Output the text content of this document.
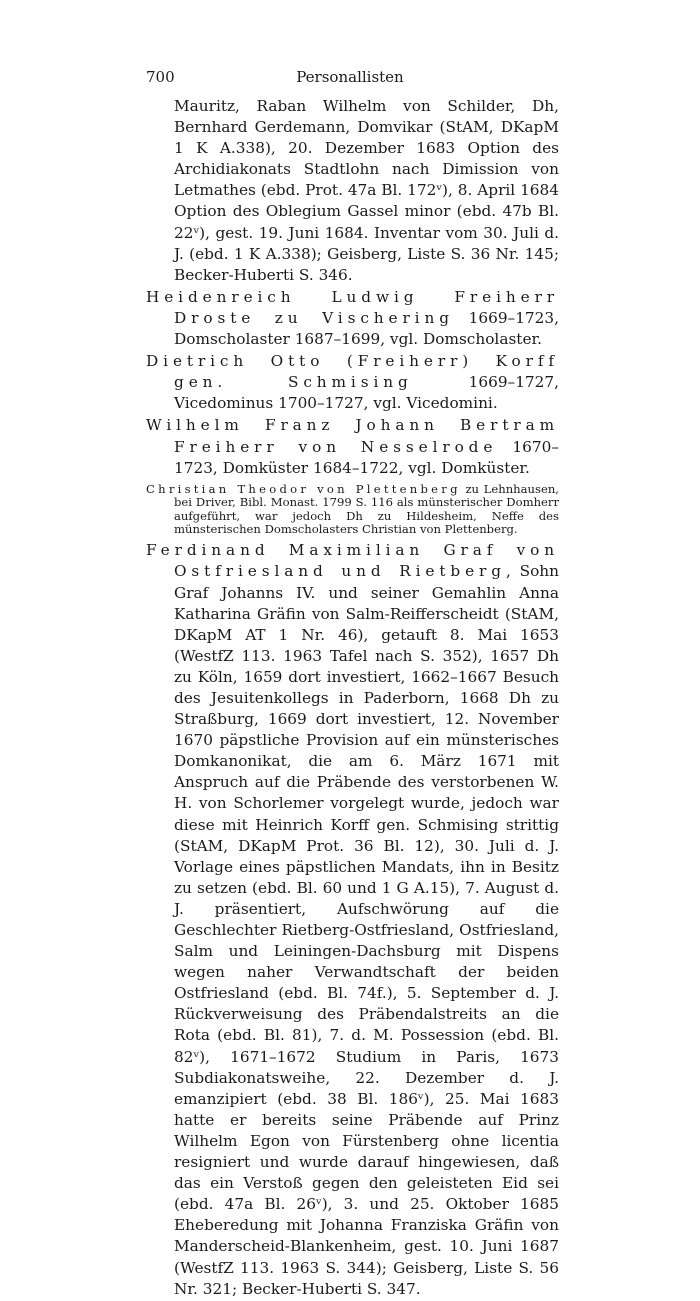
700	Personallisten

Mauritz, Raban Wilhelm von Schilder, Dh, Bernhard Gerdemann, Domvikar (StAM, DKapM 1 K A.338), 20. Dezember 1683 Option des Archidiakonats Stadtlohn nach Dimission von Letmathes (ebd. Prot. 47a Bl. 172ᵛ), 8. April 1684 Option des Oblegium Gassel minor (ebd. 47b Bl. 22ᵛ), gest. 19. Juni 1684. Inventar vom 30. Juli d. J. (ebd. 1 K A.338); Geisberg, Liste S. 36 Nr. 145; Becker-Huberti S. 346.

Heidenreich Ludwig Freiherr Droste zu Vischering 1669–1723, Domscholaster 1687–1699, vgl. Domscholaster.

Dietrich Otto (Freiherr) Korff gen. Schmising	1669–1727, Vicedominus 1700–1727, vgl. Vicedomini.

Wilhelm Franz Johann Bertram Freiherr von Nesselrode 1670–1723, Domküster 1684–1722, vgl. Domküster.

Christian Theodor von Plettenberg zu Lehnhausen, bei Driver, Bibl. Monast. 1799 S. 116 als münsterischer Domherr aufgeführt, war jedoch Dh zu Hildesheim, Neffe des münsterischen Domscholasters Christian von Plettenberg.

Ferdinand Maximilian Graf von Ostfriesland und Rietberg, Sohn Graf Johanns IV. und seiner Gemahlin Anna Katharina Gräfin von Salm-Reifferscheidt (StAM, DKapM AT 1 Nr. 46), getauft 8. Mai 1653 (WestfZ 113. 1963 Tafel nach S. 352), 1657 Dh zu Köln, 1659 dort investiert, 1662–1667 Besuch des Jesuitenkollegs in Paderborn, 1668 Dh zu Straßburg, 1669 dort investiert, 12. November 1670 päpstliche Provision auf ein münsterisches Domkanonikat, die am 6. März 1671 mit Anspruch auf die Präbende des verstorbenen W. H. von Schorlemer vorgelegt wurde, jedoch war diese mit Heinrich Korff gen. Schmising strittig (StAM, DKapM Prot. 36 Bl. 12), 30. Juli d. J. Vorlage eines päpstlichen Mandats, ihn in Besitz zu setzen (ebd. Bl. 60 und 1 G A.15), 7. August d. J. präsentiert, Aufschwörung auf die Geschlechter Rietberg-Ostfriesland, Ostfriesland, Salm und Leiningen-Dachsburg mit Dispens wegen naher Verwandtschaft der beiden Ostfriesland (ebd. Bl. 74f.), 5. September d. J. Rückverweisung des Präbendalstreits an die Rota (ebd. Bl. 81), 7. d. M. Possession (ebd. Bl. 82ᵛ), 1671–1672 Studium in Paris, 1673 Subdiakonatsweihe, 22. Dezember d. J. emanzipiert (ebd. 38 Bl. 186ᵛ), 25. Mai 1683 hatte er bereits seine Präbende auf Prinz Wilhelm Egon von Fürstenberg ohne licentia resigniert und wurde darauf hingewiesen, daß das ein Verstoß gegen den geleisteten Eid sei (ebd. 47a Bl. 26ᵛ), 3. und 25. Oktober 1685 Eheberedung mit Johanna Franziska Gräfin von Manderscheid-Blankenheim, gest. 10. Juni 1687 (WestfZ 113. 1963 S. 344); Geisberg, Liste S. 56 Nr. 321; Becker-Huberti S. 347.
